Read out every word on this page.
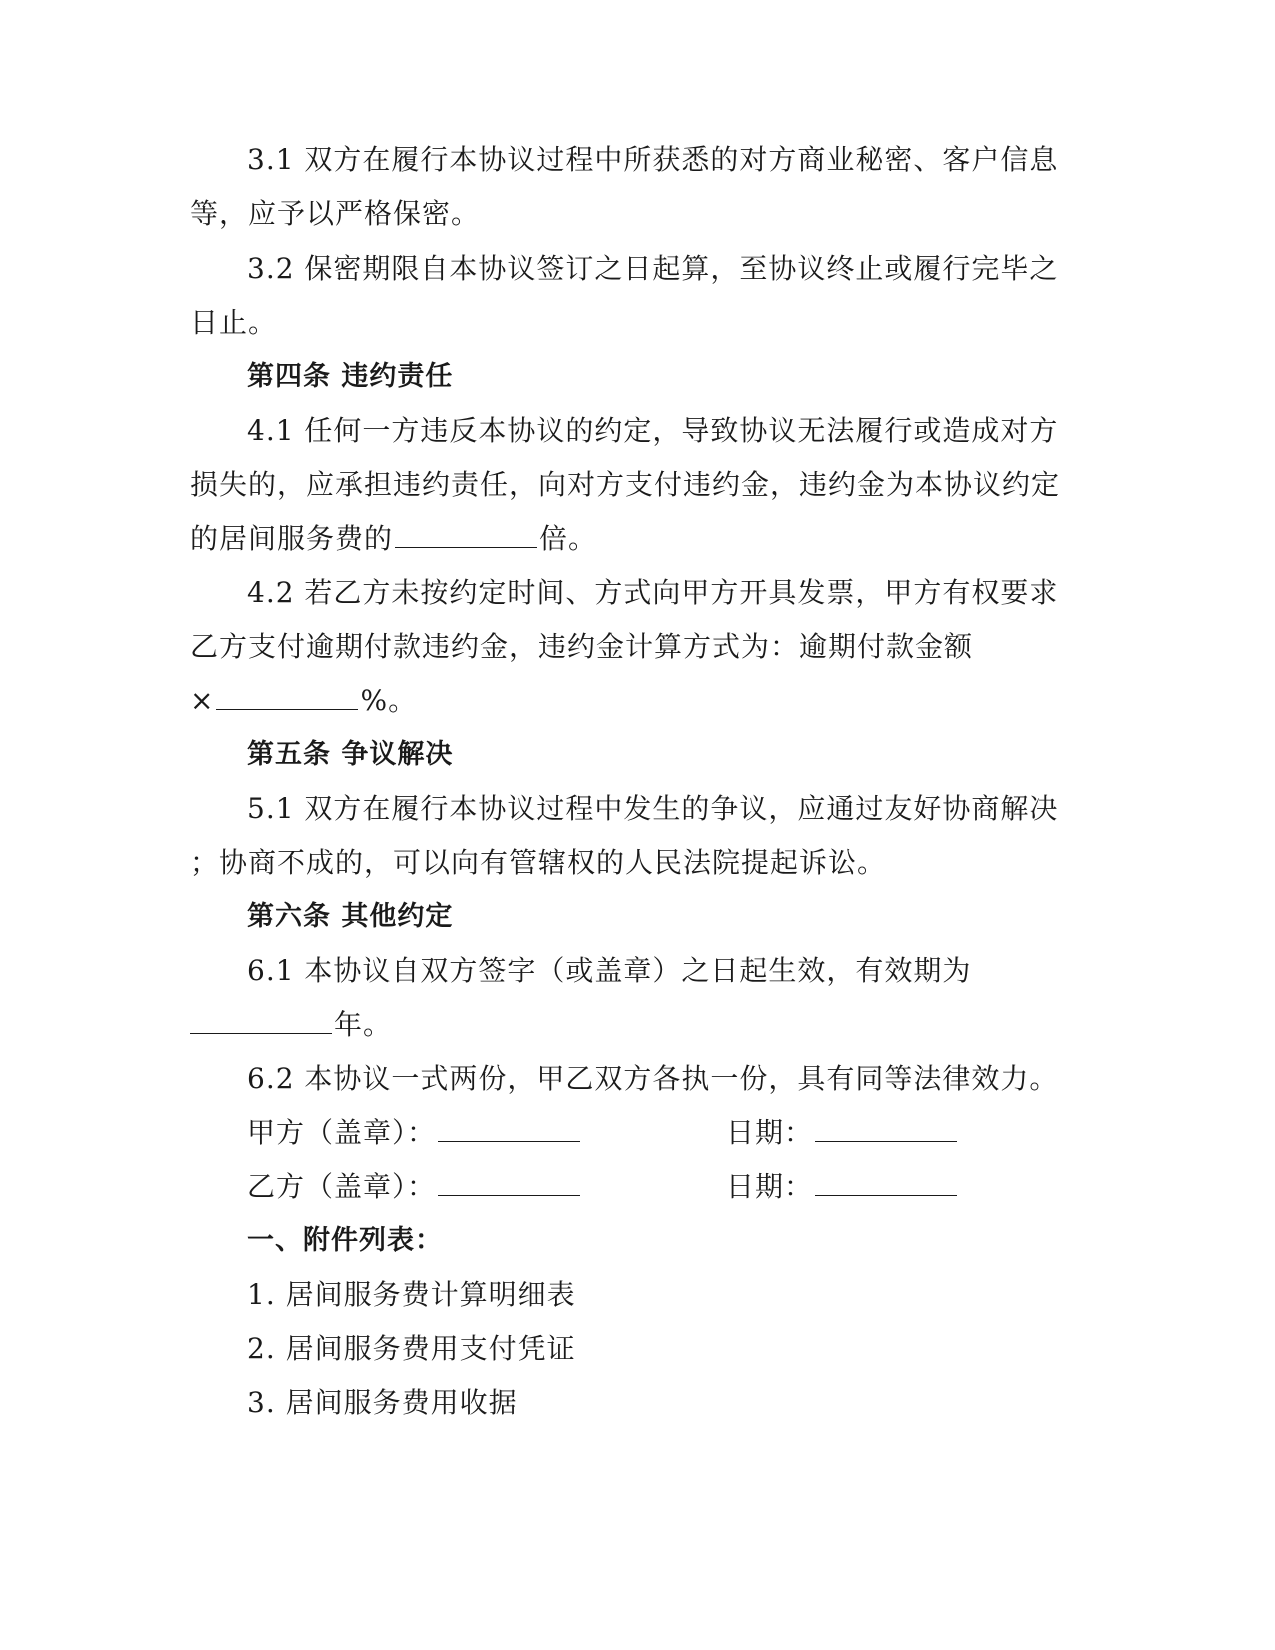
3.1 双方在履行本协议过程中所获悉的对方商业秘密、客户信息
等，应予以严格保密。
3.2 保密期限自本协议签订之日起算，至协议终止或履行完毕之
日止。
第四条 违约责任
4.1 任何一方违反本协议的约定，导致协议无法履行或造成对方
损失的，应承担违约责任，向对方支付违约金，违约金为本协议约定
的居间服务费的	倍。
4.2 若乙方未按约定时间、方式向甲方开具发票，甲方有权要求
乙方支付逾期付款违约金，违约金计算方式为：逾期付款金额
×	%。
第五条 争议解决
5.1 双方在履行本协议过程中发生的争议，应通过友好协商解决
；协商不成的，可以向有管辖权的人民法院提起诉讼。
第六条 其他约定
6.1 本协议自双方签字（或盖章）之日起生效，有效期为
年。
6.2 本协议一式两份，甲乙双方各执一份，具有同等法律效力。
甲方（盖章）：	日期：
乙方（盖章）：	日期：
一、附件列表：
1. 居间服务费计算明细表
2. 居间服务费用支付凭证
3. 居间服务费用收据
